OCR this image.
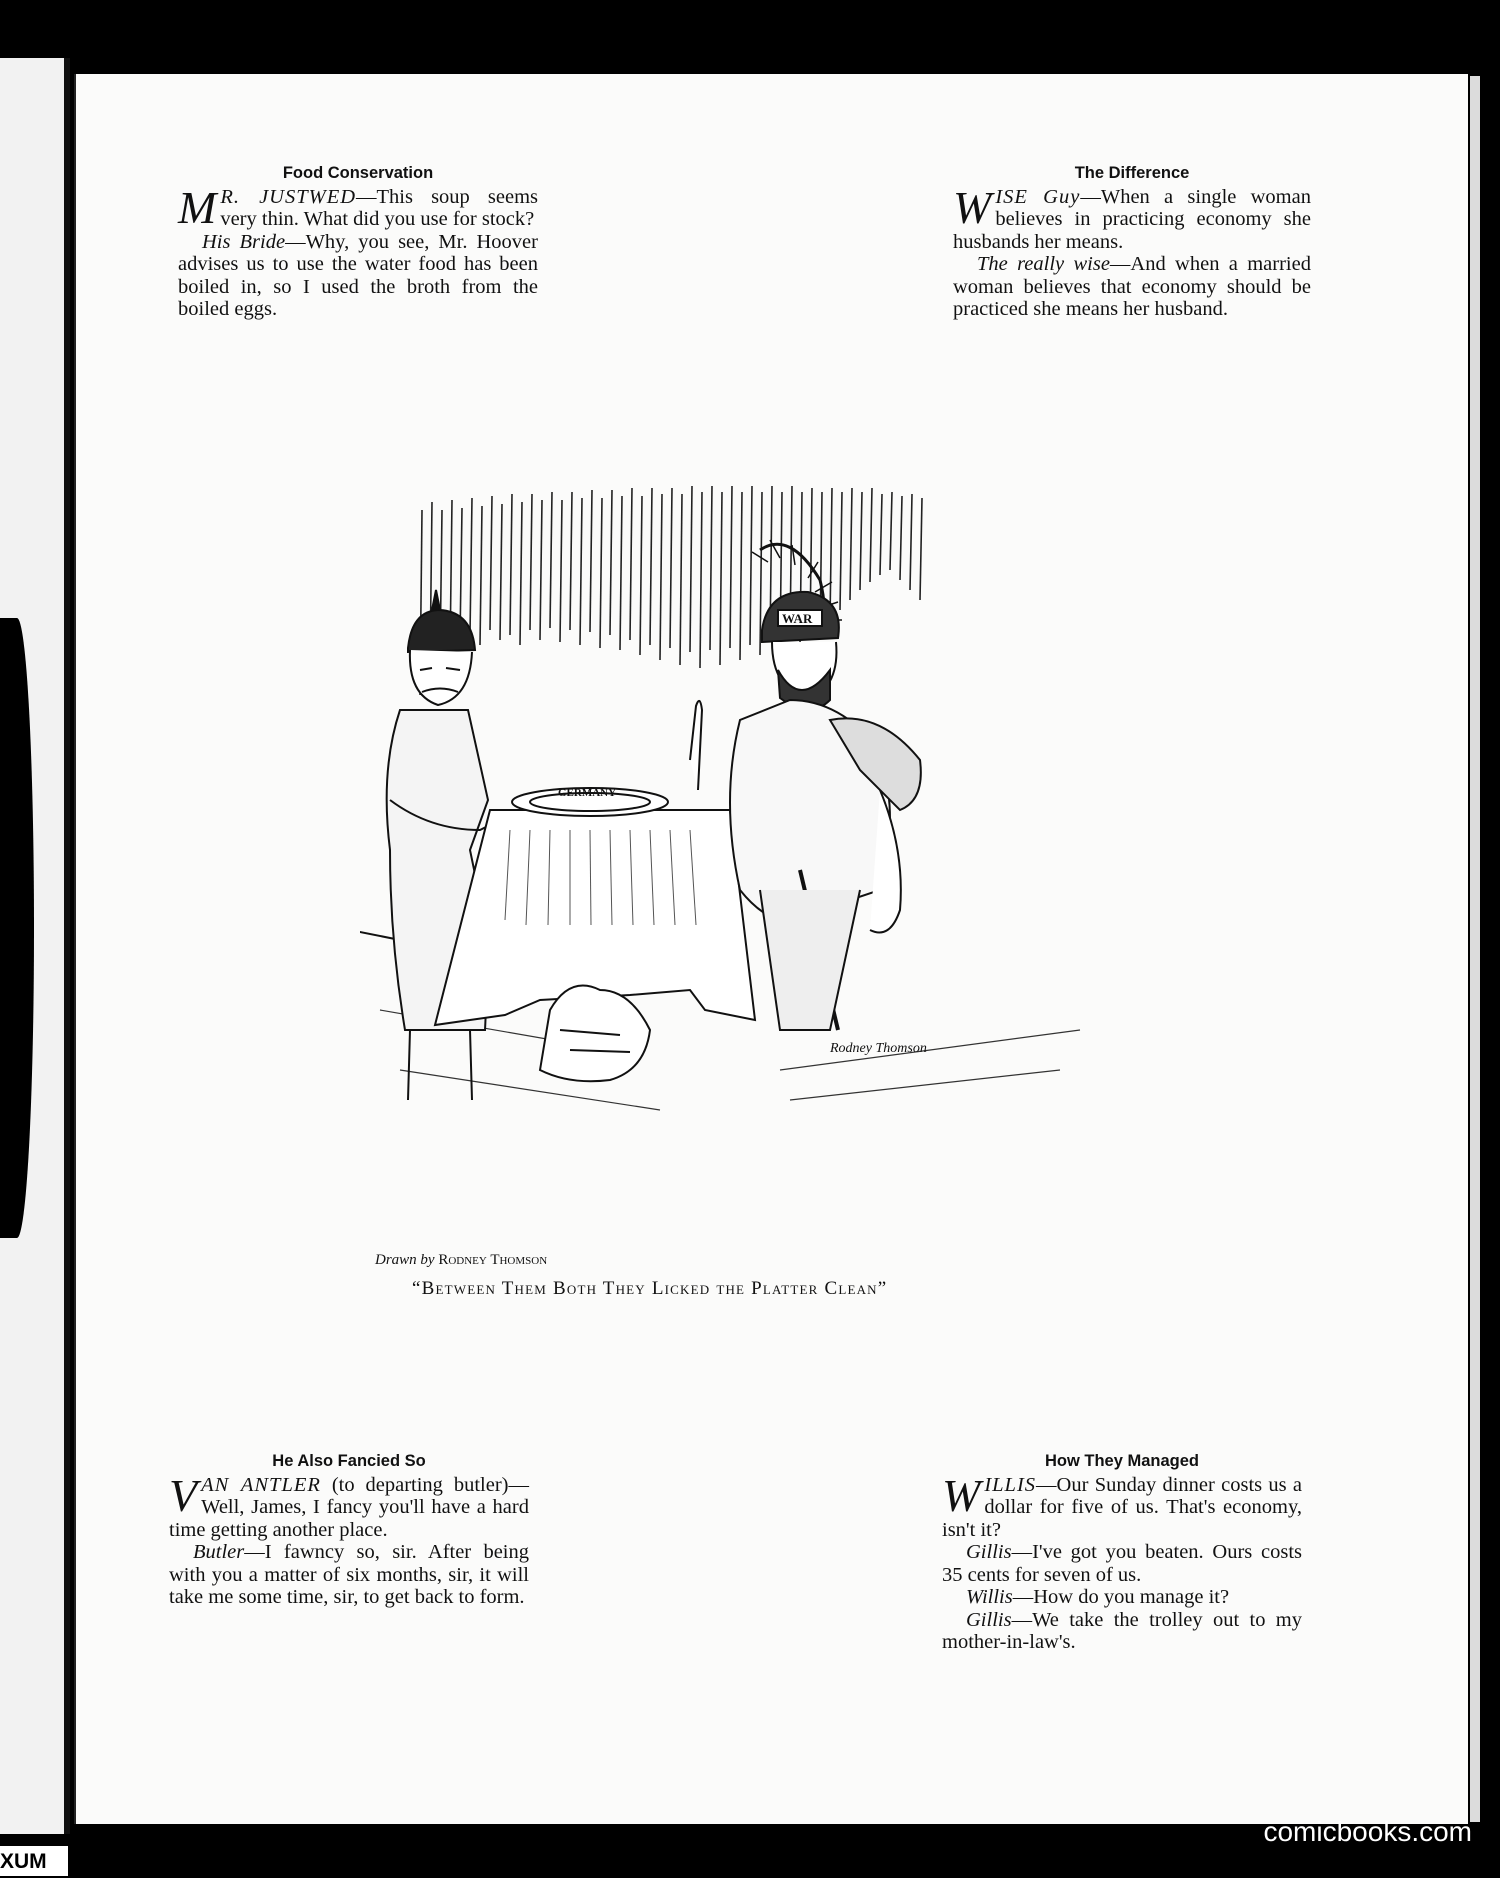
Food Conservation

M R. JUSTWED—This soup seems very thin. What did you use for stock?

His Bride—Why, you see, Mr. Hoover advises us to use the water food has been boiled in, so I used the broth from the boiled eggs.

The Difference

WISE Guy—When a single woman believes in practicing economy she husbands her means.

The really wise—And when a married woman believes that economy should be practiced she means her husband.

GERMANY
WAR
Rodney Thomson
Drawn by Rodney Thomson
“Between Them Both They Licked the Platter Clean”
He Also Fancied So

VAN ANTLER (to departing butler)—Well, James, I fancy you'll have a hard time getting another place.

Butler—I fawncy so, sir. After being with you a matter of six months, sir, it will take me some time, sir, to get back to form.

How They Managed

WILLIS—Our Sunday dinner costs us a dollar for five of us. That's economy, isn't it?

Gillis—I've got you beaten. Ours costs 35 cents for seven of us.

Willis—How do you manage it?

Gillis—We take the trolley out to my mother-in-law's.

comicbooks.com
XUM
